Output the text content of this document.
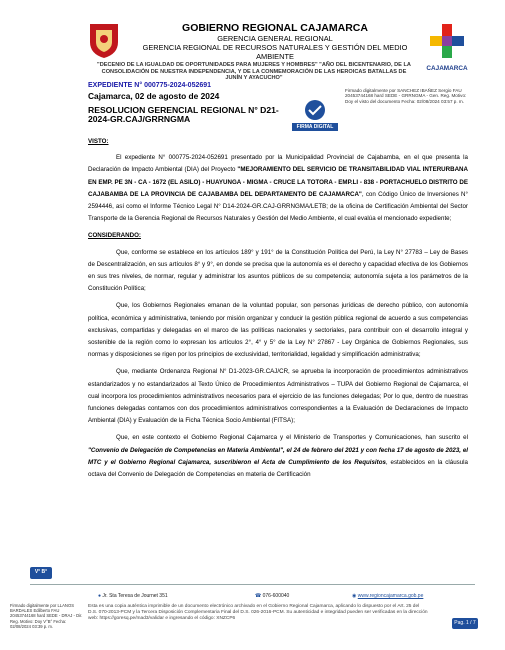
GOBIERNO REGIONAL CAJAMARCA
GERENCIA GENERAL REGIONAL
GERENCIA REGIONAL DE RECURSOS NATURALES Y GESTIÓN DEL MEDIO AMBIENTE
CAJAMARCA
"DECENIO DE LA IGUALDAD DE OPORTUNIDADES PARA MUJERES Y HOMBRES" "AÑO DEL BICENTENARIO, DE LA CONSOLIDACIÓN DE NUESTRA INDEPENDENCIA, Y DE LA CONMEMORACIÓN DE LAS HEROICAS BATALLAS DE JUNÍN Y AYACUCHO"
EXPEDIENTE N° 000775-2024-052691
Cajamarca, 02 de agosto de 2024
RESOLUCION GERENCIAL REGIONAL N° D21-2024-GR.CAJ/GRRNGMA
FIRMA DIGITAL
Firmado digitalmente por SANCHEZ IBAÑEZ Sergio FAU 20453744168 hard SEDE - GRRNGMA - Gen. Reg. Motivo: Doy el visto del documento Fecha: 02/08/2024 03:57 p. m.

VISTO:

El expediente N° 000775-2024-052691 presentado por la Municipalidad Provincial de Cajabamba, en el que presenta la Declaración de Impacto Ambiental (DIA) del Proyecto "MEJORAMIENTO DEL SERVICIO DE TRANSITABILIDAD VIAL INTERURBANA EN EMP. PE 3N - CA - 1672 (EL ASILO) - HUAYUNGA - MIGMA - CRUCE LA TOTORA - EMP.LI - 838 - PORTACHUELO DISTRITO DE CAJABAMBA DE LA PROVINCIA DE CAJABAMBA DEL DEPARTAMENTO DE CAJAMARCA", con Código Único de Inversiones N° 2594446, así como el Informe Técnico Legal N° D14-2024-GR.CAJ-GRRNGMA/LETB; de la oficina de Certificación Ambiental del Sector Transporte de la Gerencia Regional de Recursos Naturales y Gestión del Medio Ambiente, el cual evalúa el mencionado expediente;

CONSIDERANDO:

Que, conforme se establece en los artículos 189° y 191° de la Constitución Política del Perú, la Ley N° 27783 – Ley de Bases de Descentralización, en sus artículos 8° y 9°, en donde se precisa que la autonomía es el derecho y capacidad efectiva de los Gobiernos en sus tres niveles, de normar, regular y administrar los asuntos públicos de su competencia; autonomía sujeta a los parámetros de la Constitución Política;

Que, los Gobiernos Regionales emanan de la voluntad popular, son personas jurídicas de derecho público, con autonomía política, económica y administrativa, teniendo por misión organizar y conducir la gestión pública regional de acuerdo a sus competencias exclusivas, compartidas y delegadas en el marco de las políticas nacionales y sectoriales, para contribuir con el desarrollo integral y sostenible de la región como lo expresan los artículos 2°, 4° y 5° de la Ley N° 27867 - Ley Orgánica de Gobiernos Regionales, sus normas y disposiciones se rigen por los principios de exclusividad, territorialidad, legalidad y simplificación administrativa;

Que, mediante Ordenanza Regional N° D1-2023-GR.CAJ/CR, se aprueba la incorporación de procedimientos administrativos estandarizados y no estandarizados al Texto Único de Procedimientos Administrativos – TUPA del Gobierno Regional de Cajamarca, el cual incorpora los procedimientos administrativos necesarios para el ejercicio de las funciones delegadas; Por lo que, dentro de nuestras funciones delegadas contamos con dos procedimientos administrativos correspondientes a la Evaluación de Declaraciones de Impacto Ambiental (DIA) y Evaluación de la Ficha Técnica Socio Ambiental (FITSA);

Que, en este contexto el Gobierno Regional Cajamarca y el Ministerio de Transportes y Comunicaciones, han suscrito el "Convenio de Delegación de Competencias en Materia Ambiental", el 24 de febrero del 2021 y con fecha 17 de agosto de 2023, el MTC y el Gobierno Regional Cajamarca, suscribieron el Acta de Cumplimiento de los Requisitos, establecidos en la cláusula octava del Convenio de Delegación de Competencias en materia de Certificación

V° B°
● Jr. Sta Teresa de Journet 351	☎ 076-600040	◉ www.regioncajamarca.gob.pe
Firmado digitalmente por LLANOS BARDALES Edilberto FAU 20453744168 hard SEDE - DRAJ - Dir. Reg. Motivo: Doy V°B° Fecha: 02/08/2024 03:39 p. m.
Esta es una copia auténtica imprimible de un documento electrónico archivado en el Gobierno Regional Cajamarca, aplicando lo dispuesto por el Art. 25 del D.S. 070-2013-PCM y la Tercera Disposición Complementaria Final del D.S. 026-2016-PCM. Su autenticidad e integridad pueden ser verificadas en la dirección web: https://goresq.pe/mad3/validar e ingresando el código: XNZCP6
Pag. 1 / 7
